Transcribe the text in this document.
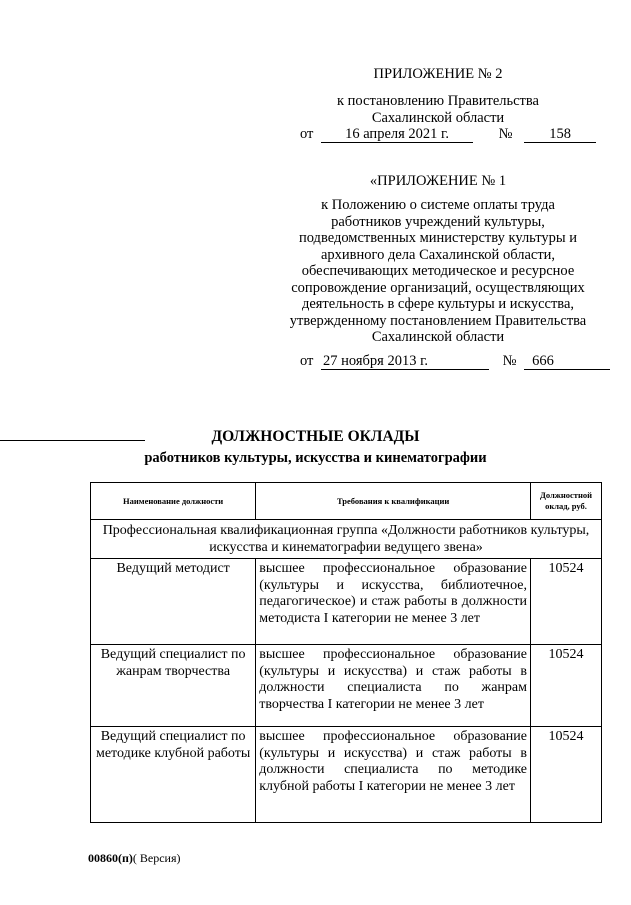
ПРИЛОЖЕНИЕ № 2
к постановлению Правительства
Сахалинской области
от 16 апреля 2021 г.	№	158
«ПРИЛОЖЕНИЕ № 1
к Положению о системе оплаты труда
работников учреждений культуры,
подведомственных министерству культуры и
архивного дела Сахалинской области,
обеспечивающих методическое и ресурсное
сопровождение организаций, осуществляющих
деятельность в сфере культуры и искусства,
утвержденному постановлением Правительства
Сахалинской области
от 27 ноября 2013 г.	№ 666
ДОЛЖНОСТНЫЕ ОКЛАДЫ
работников культуры, искусства и кинематографии
Наименование должности	Требования к квалификации	Должностной оклад, руб.
Профессиональная квалификационная группа «Должности работников культуры, искусства и кинематографии ведущего звена»		
Ведущий методист	высшее профессиональное образование (культуры и искусства, библиотечное, педагогическое) и стаж работы в должности методиста I категории не менее 3 лет	10524
Ведущий специалист по жанрам творчества	высшее профессиональное образование (культуры и искусства) и стаж работы в должности специалиста по жанрам творчества I категории не менее 3 лет	10524
Ведущий специалист по методике клубной работы	высшее профессиональное образование (культуры и искусства) и стаж работы в должности специалиста по методике клубной работы I категории не менее 3 лет	10524
00860(п)( Версия)
